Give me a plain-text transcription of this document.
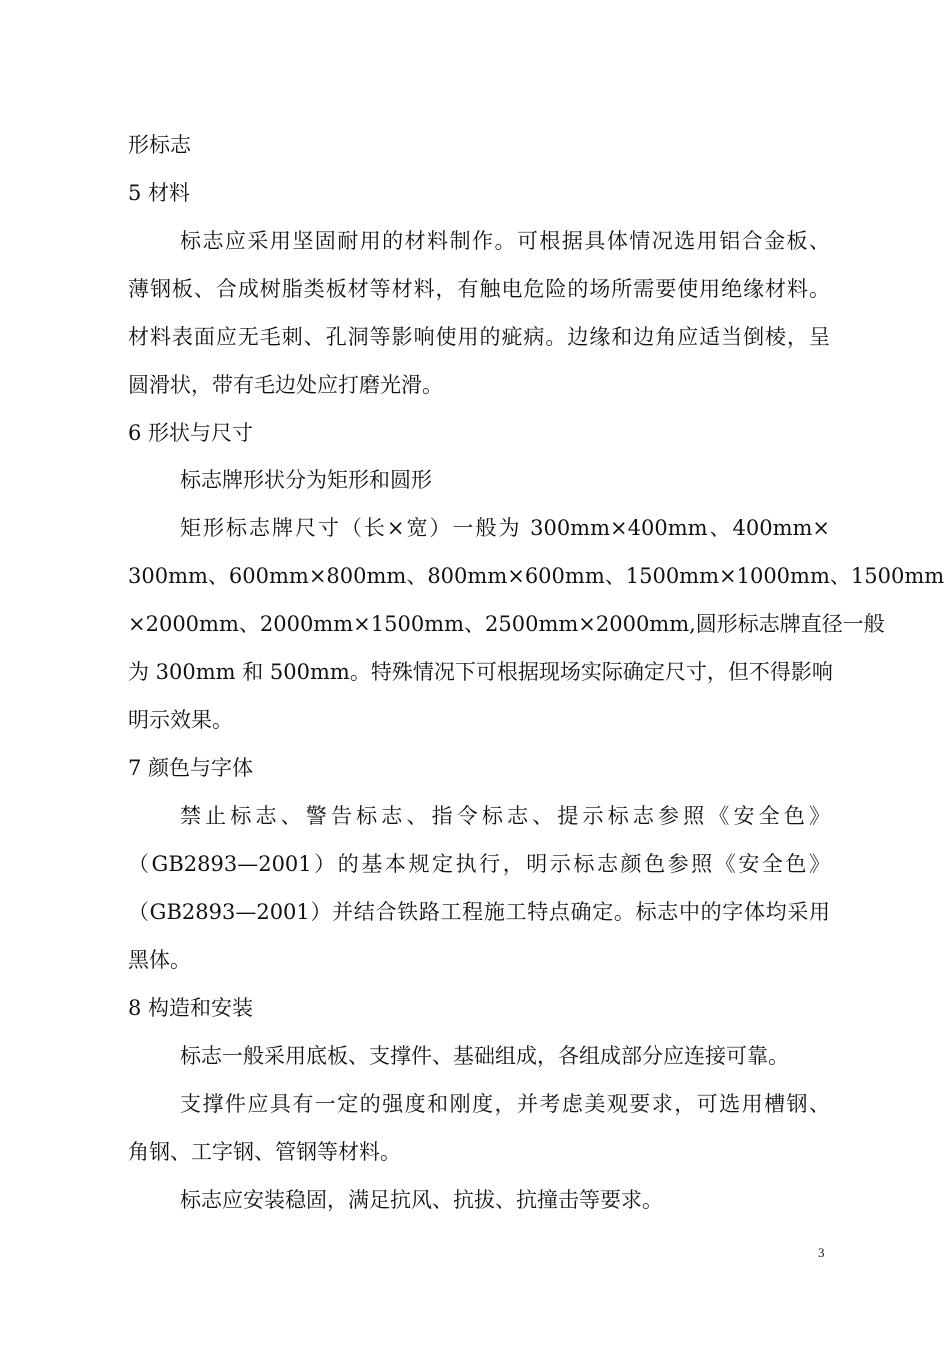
形标志
5 材料
标志应采用坚固耐用的材料制作。可根据具体情况选用铝合金板、
薄钢板、合成树脂类板材等材料，有触电危险的场所需要使用绝缘材料。
材料表面应无毛刺、孔洞等影响使用的疵病。边缘和边角应适当倒棱，呈
圆滑状，带有毛边处应打磨光滑。
6 形状与尺寸
标志牌形状分为矩形和圆形
矩形标志牌尺寸（长×宽）一般为 300mm×400mm、400mm×
300mm、600mm×800mm、800mm×600mm、1500mm×1000mm、1500mm
×2000mm、2000mm×1500mm、2500mm×2000mm,圆形标志牌直径一般
为 300mm 和 500mm。特殊情况下可根据现场实际确定尺寸，但不得影响
明示效果。
7 颜色与字体
禁止标志、警告标志、指令标志、提示标志参照《安全色》
（GB2893—2001）的基本规定执行，明示标志颜色参照《安全色》
（GB2893—2001）并结合铁路工程施工特点确定。标志中的字体均采用
黑体。
8 构造和安装
标志一般采用底板、支撑件、基础组成，各组成部分应连接可靠。
支撑件应具有一定的强度和刚度，并考虑美观要求，可选用槽钢、
角钢、工字钢、管钢等材料。
标志应安装稳固，满足抗风、抗拔、抗撞击等要求。
3
